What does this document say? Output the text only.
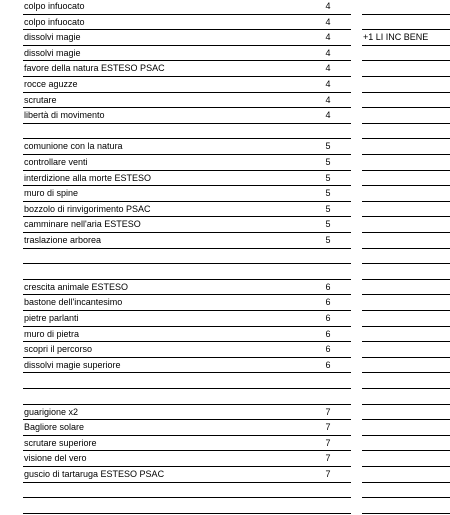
colpo infuocato	4
colpo infuocato	4
dissolvi magie	4	+1 LI INC BENE
dissolvi magie	4
favore della natura ESTESO PSAC	4
rocce aguzze	4
scrutare	4
libertà di movimento	4
comunione con la natura	5
controllare venti	5
interdizione alla morte ESTESO	5
muro di spine	5
bozzolo di rinvigorimento PSAC	5
camminare nell'aria ESTESO	5
traslazione arborea	5
crescita animale ESTESO	6
bastone dell'incantesimo	6
pietre parlanti	6
muro di pietra	6
scopri il percorso	6
dissolvi magie superiore	6
guarigione x2	7
Bagliore solare	7
scrutare superiore	7
visione del vero	7
guscio di tartaruga ESTESO PSAC	7
